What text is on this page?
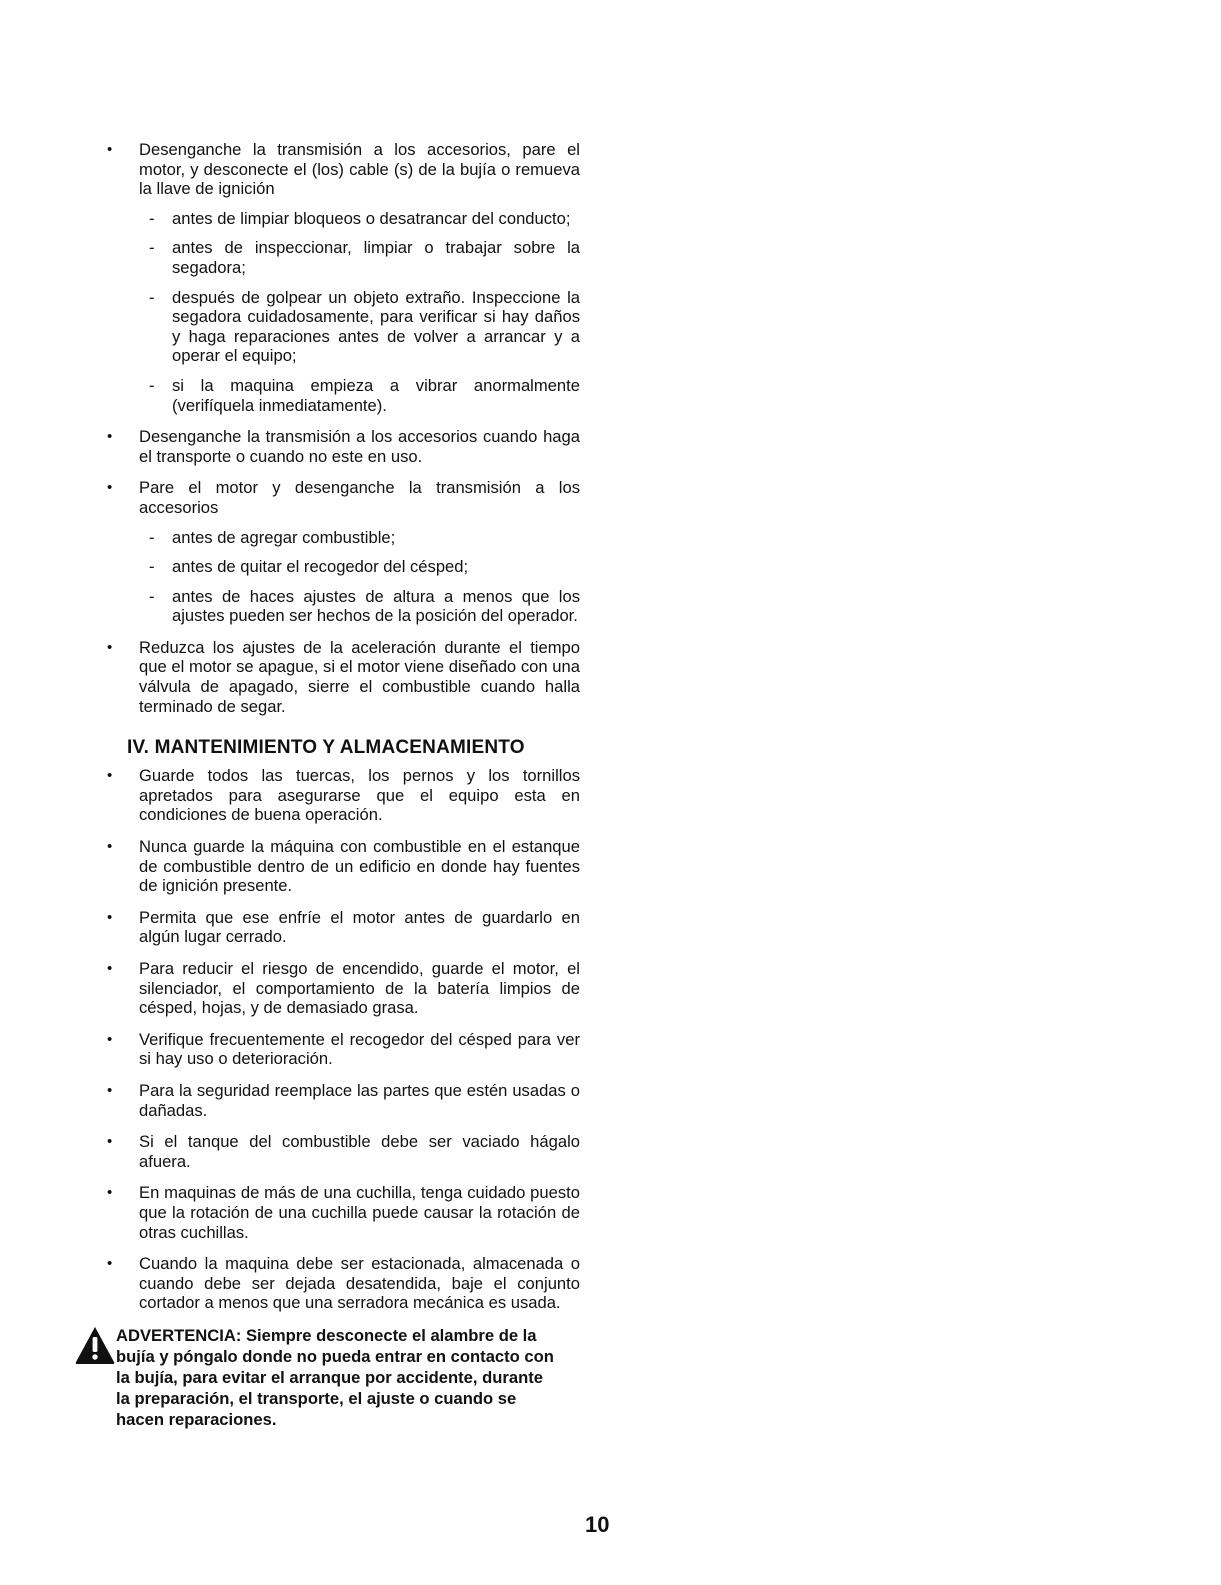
• Desenganche la transmisión a los accesorios, pare el motor, y desconecte el (los) cable (s) de la bujía o remueva la llave de ignición
- antes de limpiar bloqueos o desatrancar del conducto;
- antes de inspeccionar, limpiar o trabajar sobre la segadora;
- después de golpear un objeto extraño. Inspeccione la segadora cuidadosamente, para verificar si hay daños y haga reparaciones antes de volver a arrancar y a operar el equipo;
- si la maquina empieza a vibrar anormalmente (verifíquela inmediatamente).
• Desenganche la transmisión a los accesorios cuando haga el transporte o cuando no este en uso.
• Pare el motor y desenganche la transmisión a los accesorios
- antes de agregar combustible;
- antes de quitar el recogedor del césped;
- antes de haces ajustes de altura a menos que los ajustes pueden ser hechos de la posición del operador.
• Reduzca los ajustes de la aceleración durante el tiempo que el motor se apague, si el motor viene diseñado con una válvula de apagado, sierre el combustible cuando halla terminado de segar.
IV. MANTENIMIENTO Y ALMACENAMIENTO
• Guarde todos las tuercas, los pernos y los tornillos apretados para asegurarse que el equipo esta en condiciones de buena operación.
• Nunca guarde la máquina con combustible en el estanque de combustible dentro de un edificio en donde hay fuentes de ignición presente.
• Permita que ese enfríe el motor antes de guardarlo en algún lugar cerrado.
• Para reducir el riesgo de encendido, guarde el motor, el silenciador, el comportamiento de la batería limpios de césped, hojas, y de demasiado grasa.
• Verifique frecuentemente el recogedor del césped para ver si hay uso o deterioración.
• Para la seguridad reemplace las partes que estén usadas o dañadas.
• Si el tanque del combustible debe ser vaciado hágalo afuera.
• En maquinas de más de una cuchilla, tenga cuidado puesto que la rotación de una cuchilla puede causar la rotación de otras cuchillas.
• Cuando la maquina debe ser estacionada, almacenada o cuando debe ser dejada desatendida, baje el conjunto cortador a menos que una serradora mecánica es usada.
ADVERTENCIA: Siempre desconecte el alambre de la bujía y póngalo donde no pueda entrar en contacto con la bujía, para evitar el arranque por accidente, durante la preparación, el transporte, el ajuste o cuando se hacen reparaciones.
10
